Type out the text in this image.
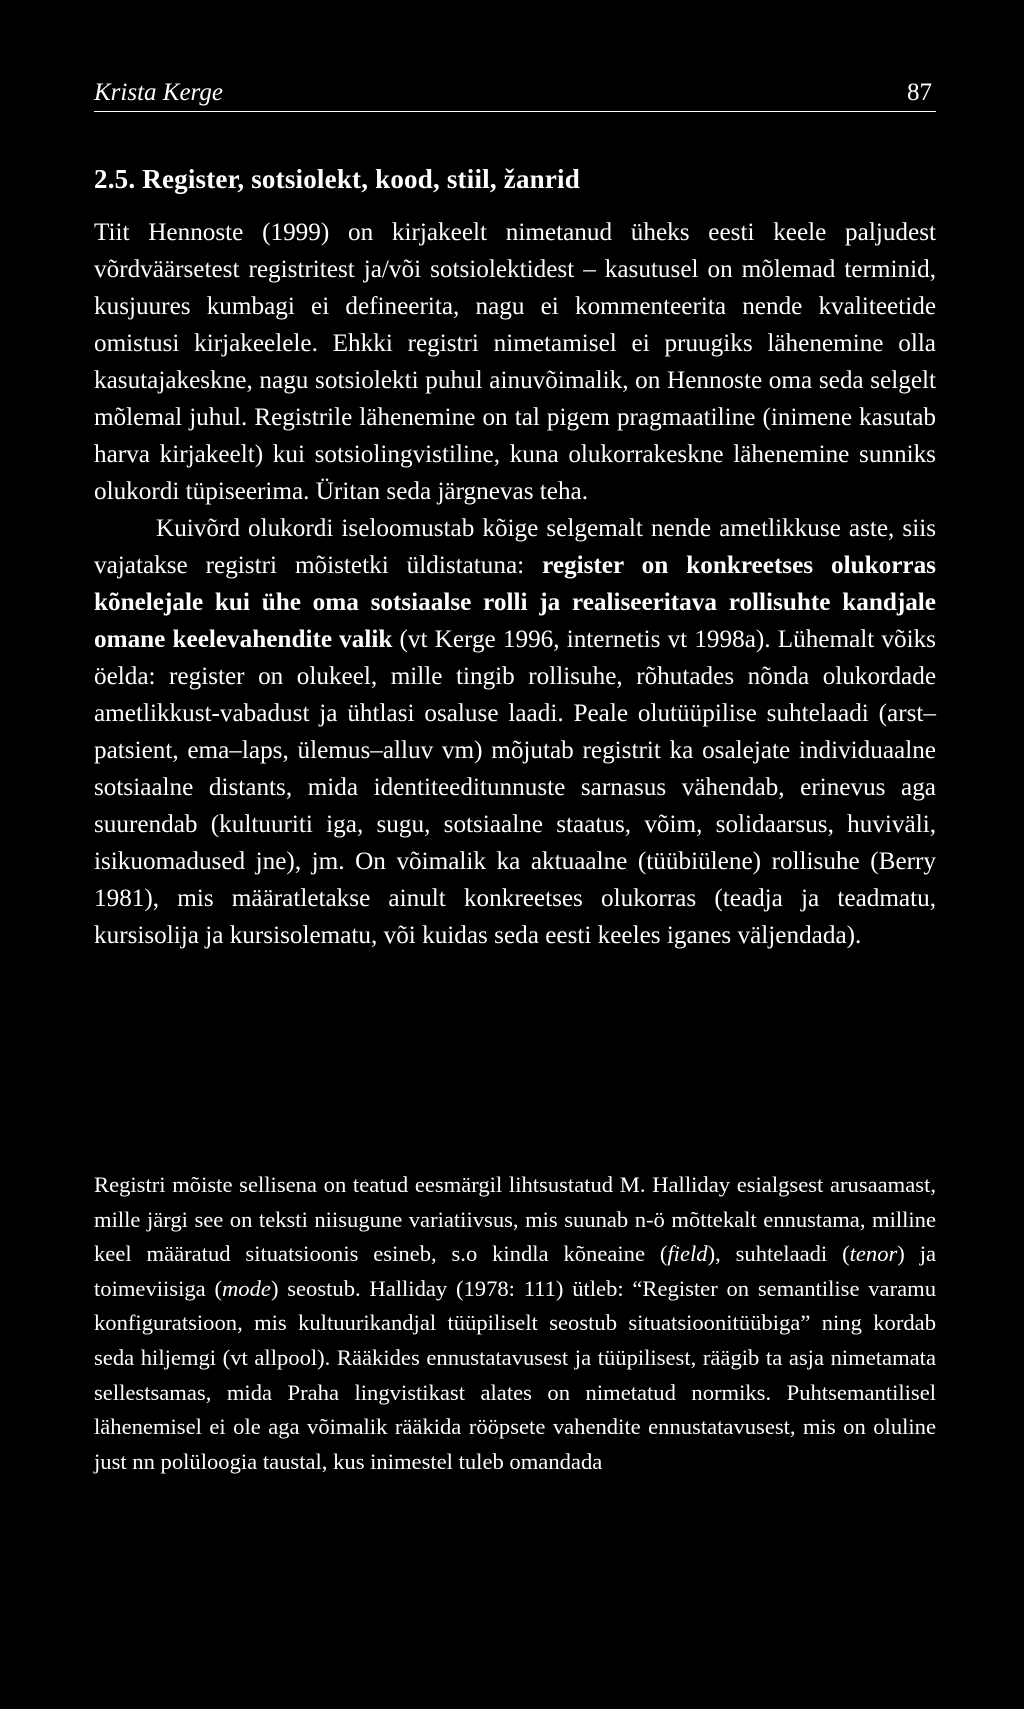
Krista Kerge	87
2.5. Register, sotsiolekt, kood, stiil, žanrid

Tiit Hennoste (1999) on kirjakeelt nimetanud üheks eesti keele paljudest võrdväärsetest registritest ja/või sotsiolektidest – kasutusel on mõlemad terminid, kusjuures kumbagi ei defineerita, nagu ei kommenteerita nende kvaliteetide omistusi kirjakeelele. Ehkki registri nimetamisel ei pruugiks lähenemine olla kasutajakeskne, nagu sotsiolekti puhul ainuvõimalik, on Hennoste oma seda selgelt mõlemal juhul. Registrile lähenemine on tal pigem pragmaatiline (inimene kasutab harva kirjakeelt) kui sotsiolingvistiline, kuna olukorrakeskne lähenemine sunniks olukordi tüpiseerima. Üritan seda järgnevas teha.

Kuivõrd olukordi iseloomustab kõige selgemalt nende ametlikkuse aste, siis vajatakse registri mõistetki üldistatuna: register on konkreetses olukorras kõnelejale kui ühe oma sotsiaalse rolli ja realiseeritava rollisuhte kandjale omane keelevahendite valik (vt Kerge 1996, internetis vt 1998a). Lühemalt võiks öelda: register on olukeel, mille tingib rollisuhe, rõhutades nõnda olukordade ametlikkust-vabadust ja ühtlasi osaluse laadi. Peale olutüüpilise suhtelaadi (arst–patsient, ema–laps, ülemus–alluv vm) mõjutab registrit ka osalejate individuaalne sotsiaalne distants, mida identiteeditunnuste sarnasus vähendab, erinevus aga suurendab (kultuuriti iga, sugu, sotsiaalne staatus, võim, solidaarsus, huviväli, isikuomadused jne), jm. On võimalik ka aktuaalne (tüübiülene) rollisuhe (Berry 1981), mis määratletakse ainult konkreetses olukorras (teadja ja teadmatu, kursisolija ja kursisolematu, või kuidas seda eesti keeles iganes väljendada).

Registri mõiste sellisena on teatud eesmärgil lihtsustatud M. Halliday esialgsest arusaamast, mille järgi see on teksti niisugune variatiivsus, mis suunab n-ö mõttekalt ennustama, milline keel määratud situatsioonis esineb, s.o kindla kõneaine (field), suhtelaadi (tenor) ja toimeviisiga (mode) seostub. Halliday (1978: 111) ütleb: “Register on semantilise varamu konfiguratsioon, mis kultuurikandjal tüüpiliselt seostub situatsioonitüübiga” ning kordab seda hiljemgi (vt allpool). Rääkides ennustatavusest ja tüüpilisest, räägib ta asja nimetamata sellestsamas, mida Praha lingvistikast alates on nimetatud normiks. Puhtsemantilisel lähenemisel ei ole aga võimalik rääkida rööpsete vahendite ennustatavusest, mis on oluline just nn polüloogia taustal, kus inimestel tuleb omandada
